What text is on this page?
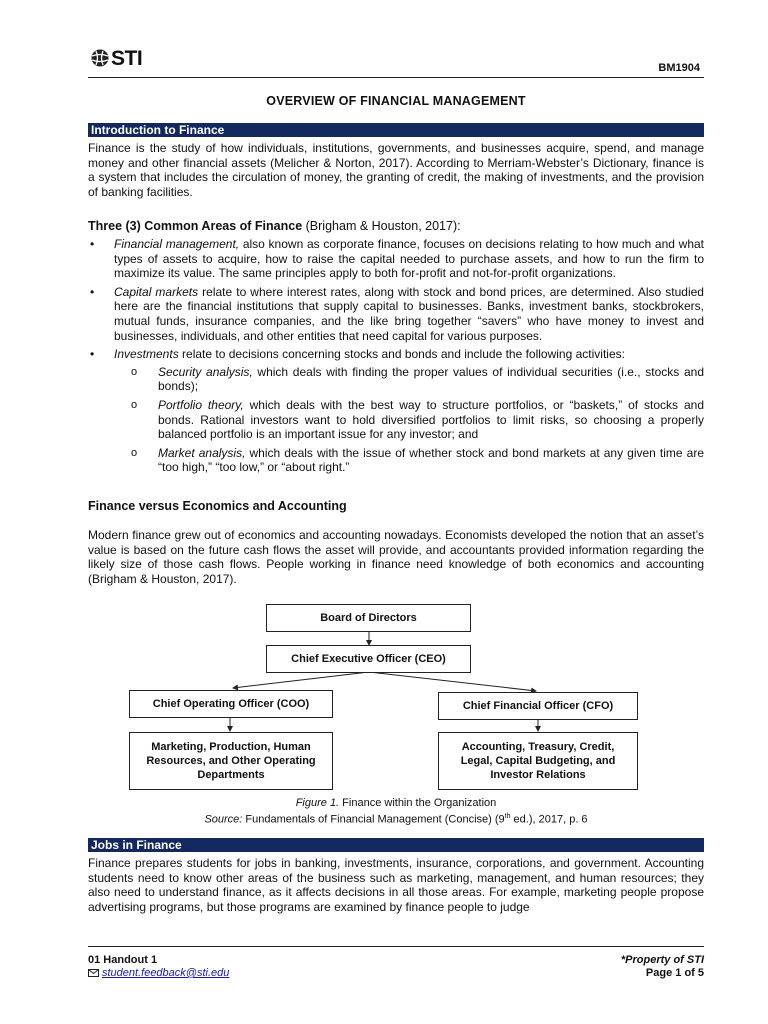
STI	BM1904
OVERVIEW OF FINANCIAL MANAGEMENT
Introduction to Finance
Finance is the study of how individuals, institutions, governments, and businesses acquire, spend, and manage money and other financial assets (Melicher & Norton, 2017). According to Merriam-Webster’s Dictionary, finance is a system that includes the circulation of money, the granting of credit, the making of investments, and the provision of banking facilities.
Three (3) Common Areas of Finance (Brigham & Houston, 2017):
• Financial management, also known as corporate finance, focuses on decisions relating to how much and what types of assets to acquire, how to raise the capital needed to purchase assets, and how to run the firm to maximize its value. The same principles apply to both for-profit and not-for-profit organizations.
• Capital markets relate to where interest rates, along with stock and bond prices, are determined. Also studied here are the financial institutions that supply capital to businesses. Banks, investment banks, stockbrokers, mutual funds, insurance companies, and the like bring together “savers” who have money to invest and businesses, individuals, and other entities that need capital for various purposes.
• Investments relate to decisions concerning stocks and bonds and include the following activities:
o Security analysis, which deals with finding the proper values of individual securities (i.e., stocks and bonds);
o Portfolio theory, which deals with the best way to structure portfolios, or “baskets,” of stocks and bonds. Rational investors want to hold diversified portfolios to limit risks, so choosing a properly balanced portfolio is an important issue for any investor; and
o Market analysis, which deals with the issue of whether stock and bond markets at any given time are “too high,” “too low,” or “about right.”
Finance versus Economics and Accounting
Modern finance grew out of economics and accounting nowadays. Economists developed the notion that an asset’s value is based on the future cash flows the asset will provide, and accountants provided information regarding the likely size of those cash flows. People working in finance need knowledge of both economics and accounting (Brigham & Houston, 2017).
Board of Directors
Chief Executive Officer (CEO)
Chief Operating Officer (COO)	Chief Financial Officer (CFO)
Marketing, Production, Human Resources, and Other Operating Departments
Accounting, Treasury, Credit, Legal, Capital Budgeting, and Investor Relations
Figure 1. Finance within the Organization
Source: Fundamentals of Financial Management (Concise) (9th ed.), 2017, p. 6
Jobs in Finance
Finance prepares students for jobs in banking, investments, insurance, corporations, and government. Accounting students need to know other areas of the business such as marketing, management, and human resources; they also need to understand finance, as it affects decisions in all those areas. For example, marketing people propose advertising programs, but those programs are examined by finance people to judge
01 Handout 1
student.feedback@sti.edu
*Property of STI
Page 1 of 5
